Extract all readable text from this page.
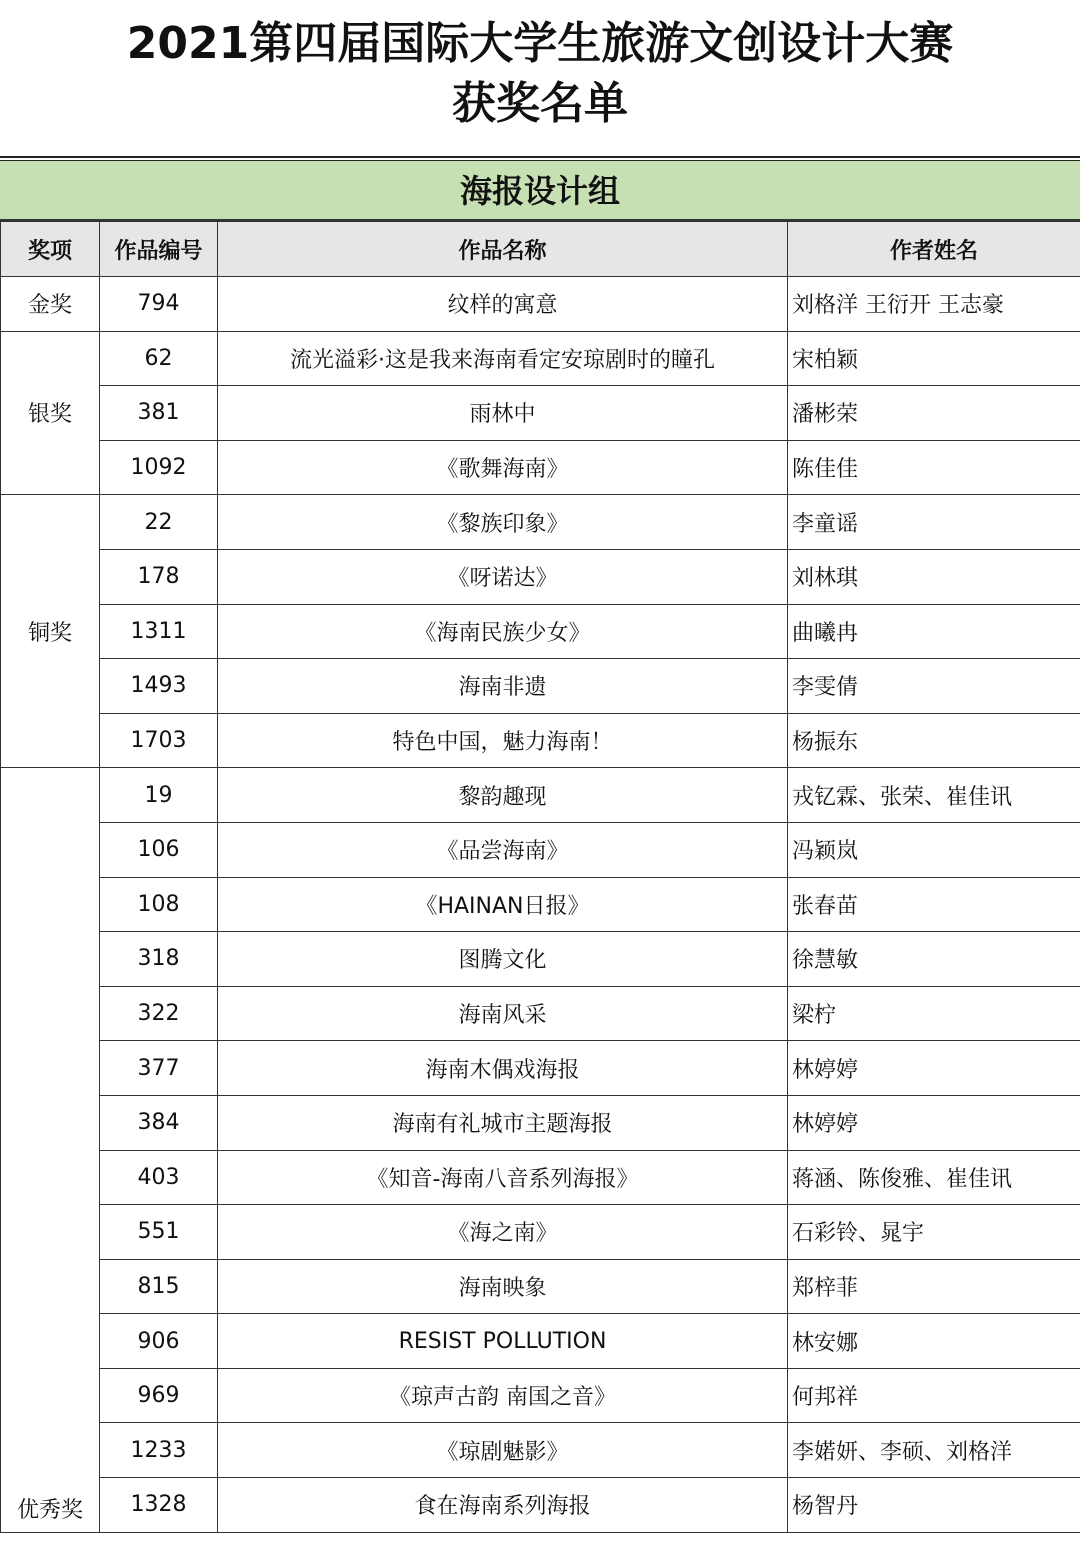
2021第四届国际大学生旅游文创设计大赛
获奖名单
海报设计组
奖项	作品编号	作品名称	作者姓名
金奖	794	纹样的寓意	刘格洋 王衍开 王志豪
银奖	62	流光溢彩·这是我来海南看定安琼剧时的瞳孔	宋柏颖
	381	雨林中	潘彬荣
	1092	《歌舞海南》	陈佳佳
铜奖	22	《黎族印象》	李童谣
	178	《呀诺达》	刘林琪
	1311	《海南民族少女》	曲曦冉
	1493	海南非遗	李雯倩
	1703	特色中国，魅力海南！	杨振东
优秀奖	19	黎韵趣现	戎钇霖、张荣、崔佳讯
	106	《品尝海南》	冯颖岚
	108	《HAINAN日报》	张春苗
	318	图腾文化	徐慧敏
	322	海南风采	梁柠
	377	海南木偶戏海报	林婷婷
	384	海南有礼城市主题海报	林婷婷
	403	《知音-海南八音系列海报》	蒋涵、陈俊雅、崔佳讯
	551	《海之南》	石彩铃、晁宇
	815	海南映象	郑梓菲
	906	RESIST POLLUTION	林安娜
	969	《琼声古韵 南国之音》	何邦祥
	1233	《琼剧魅影》	李婼妍、李硕、刘格洋
	1328	食在海南系列海报	杨智丹
